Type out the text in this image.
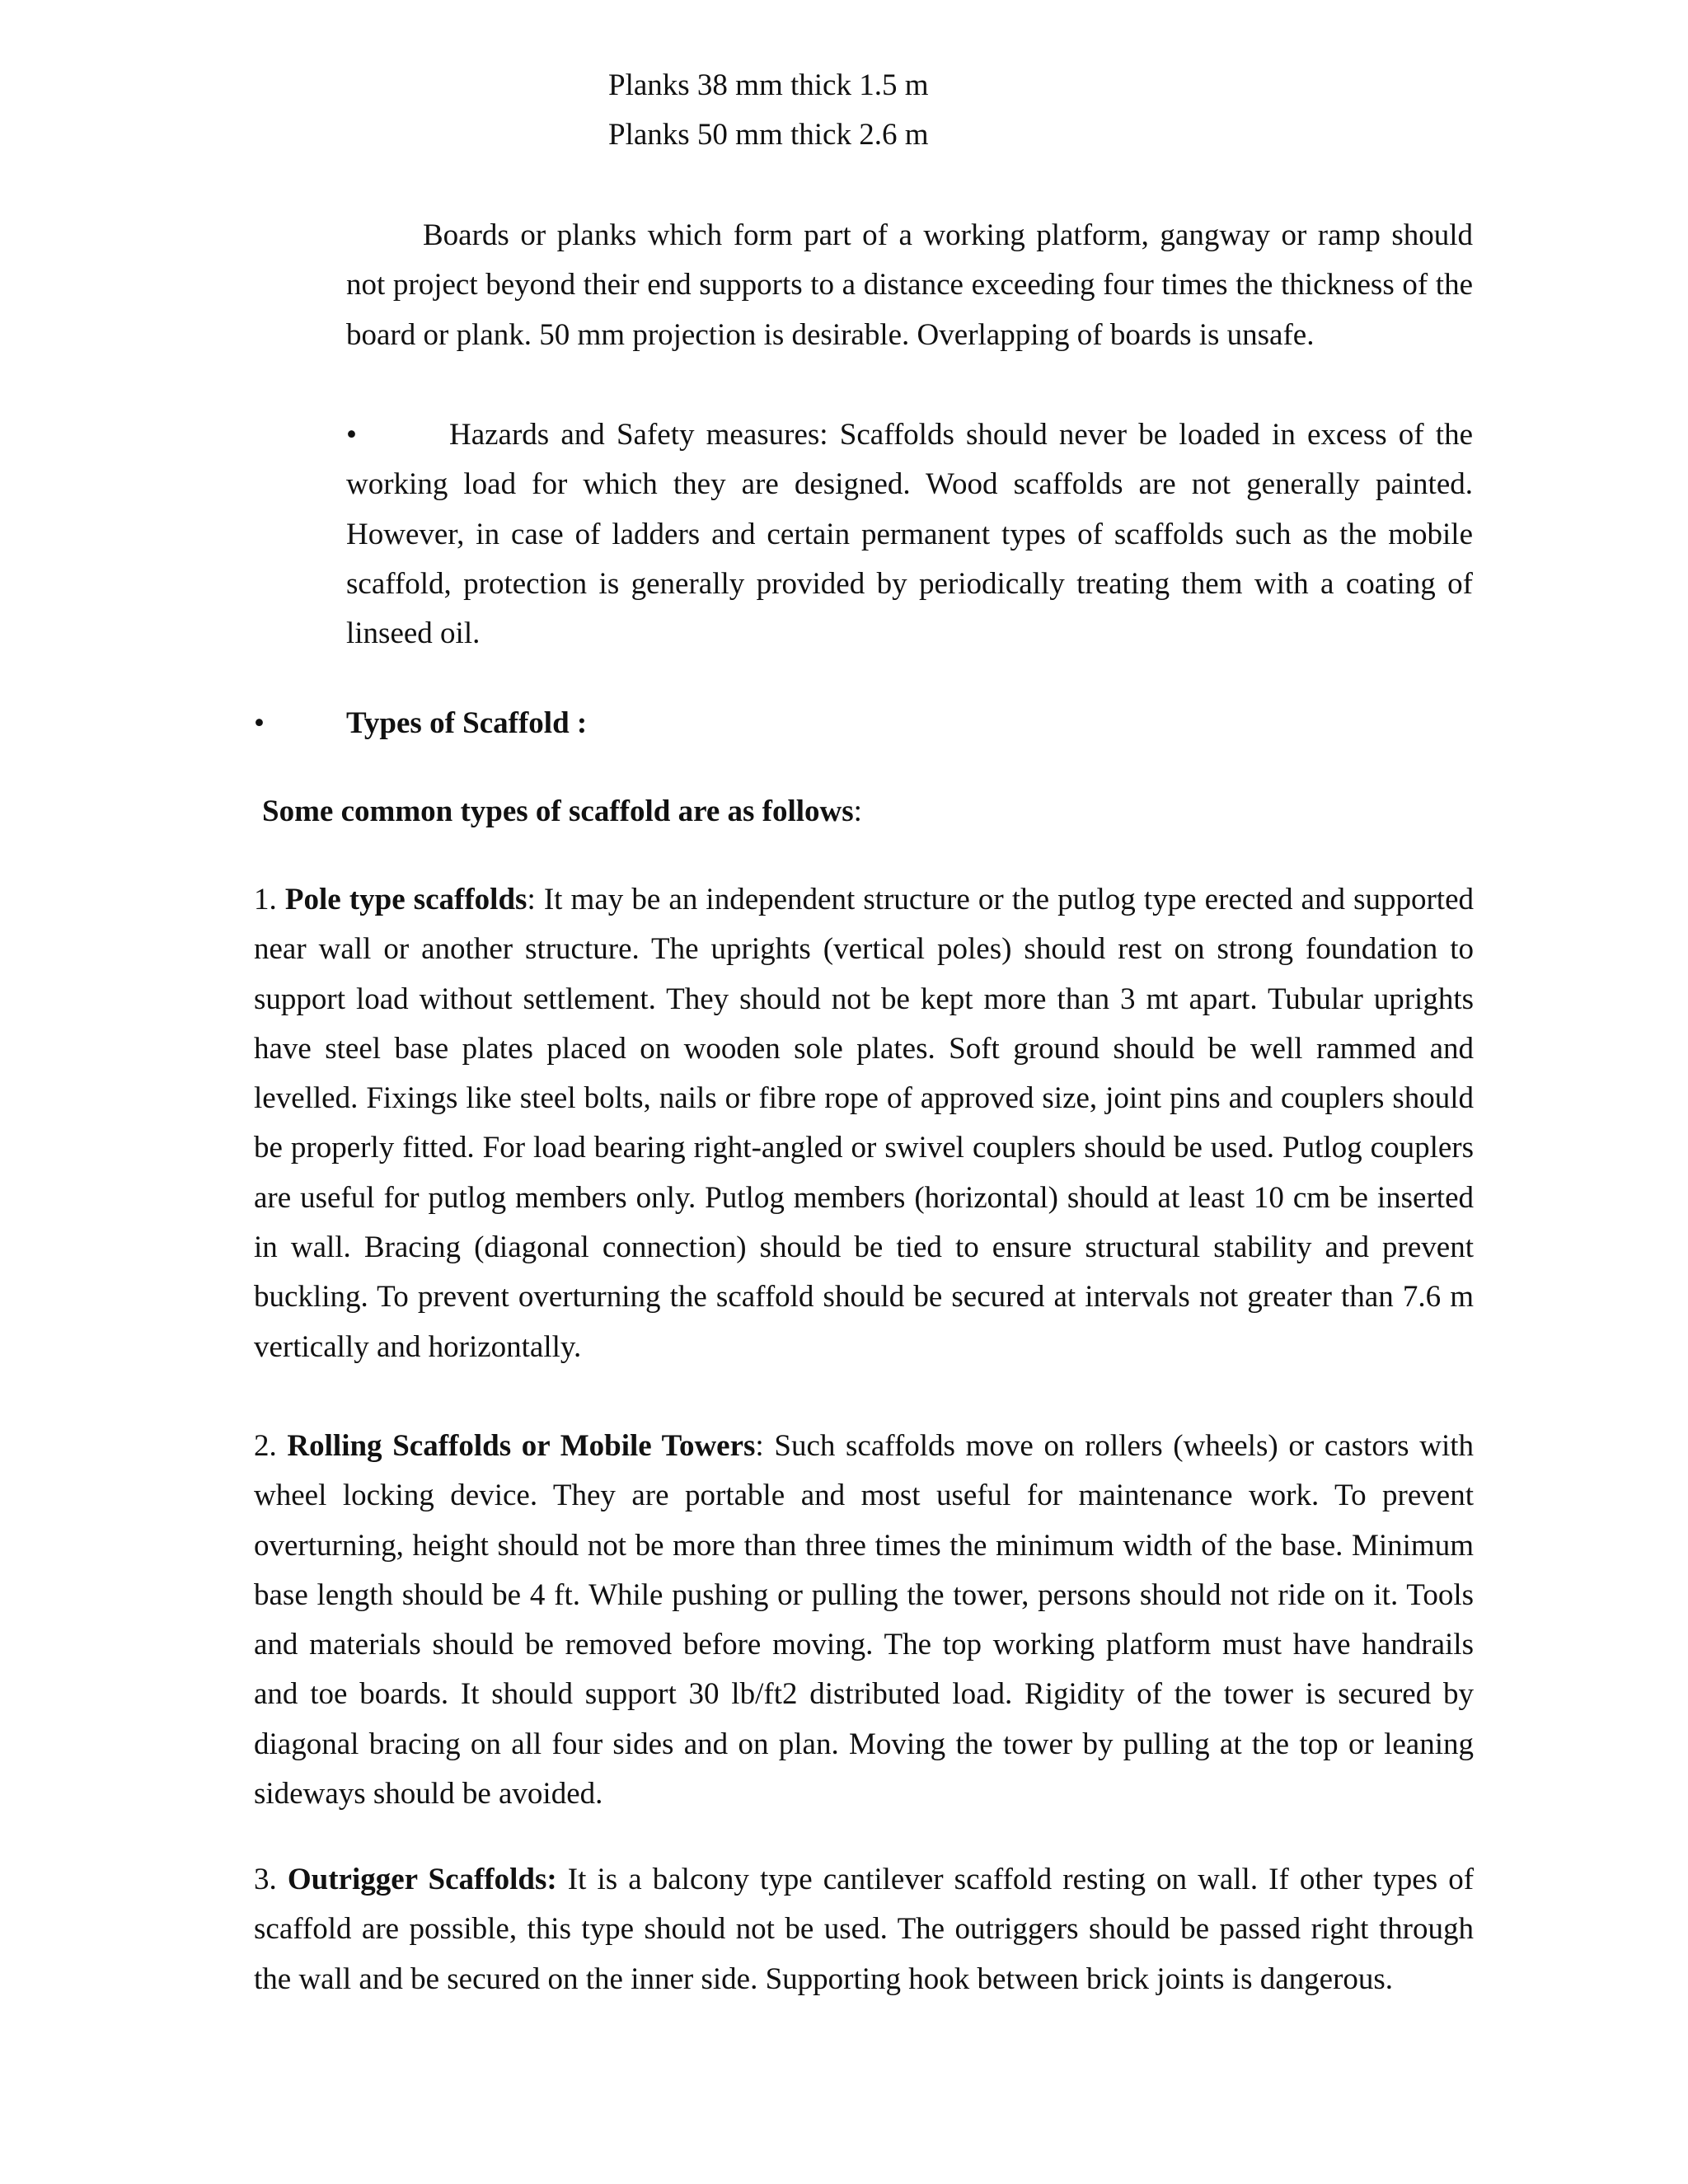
Planks 38 mm thick 1.5 m
Planks 50 mm thick 2.6 m

Boards or planks which form part of a working platform, gangway or ramp should not project beyond their end supports to a distance exceeding four times the thickness of the board or plank. 50 mm projection is desirable. Overlapping of boards is unsafe.

•	Hazards and Safety measures: Scaffolds should never be loaded in excess of the working load for which they are designed. Wood scaffolds are not generally painted. However, in case of ladders and certain permanent types of scaffolds such as the mobile scaffold, protection is generally provided by periodically treating them with a coating of linseed oil.

•	Types of Scaffold :

Some common types of scaffold are as follows:

1. Pole type scaffolds: It may be an independent structure or the putlog type erected and supported near wall or another structure. The uprights (vertical poles) should rest on strong foundation to support load without settlement. They should not be kept more than 3 mt apart. Tubular uprights have steel base plates placed on wooden sole plates. Soft ground should be well rammed and levelled. Fixings like steel bolts, nails or fibre rope of approved size, joint pins and couplers should be properly fitted. For load bearing right-angled or swivel couplers should be used. Putlog couplers are useful for putlog members only. Putlog members (horizontal) should at least 10 cm be inserted in wall. Bracing (diagonal connection) should be tied to ensure structural stability and prevent buckling. To prevent overturning the scaffold should be secured at intervals not greater than 7.6 m vertically and horizontally.

2. Rolling Scaffolds or Mobile Towers: Such scaffolds move on rollers (wheels) or castors with wheel locking device. They are portable and most useful for maintenance work. To prevent overturning, height should not be more than three times the minimum width of the base. Minimum base length should be 4 ft. While pushing or pulling the tower, persons should not ride on it. Tools and materials should be removed before moving. The top working platform must have handrails and toe boards. It should support 30 lb/ft2 distributed load. Rigidity of the tower is secured by diagonal bracing on all four sides and on plan. Moving the tower by pulling at the top or leaning sideways should be avoided.

3. Outrigger Scaffolds: It is a balcony type cantilever scaffold resting on wall. If other types of scaffold are possible, this type should not be used. The outriggers should be passed right through the wall and be secured on the inner side. Supporting hook between brick joints is dangerous.
